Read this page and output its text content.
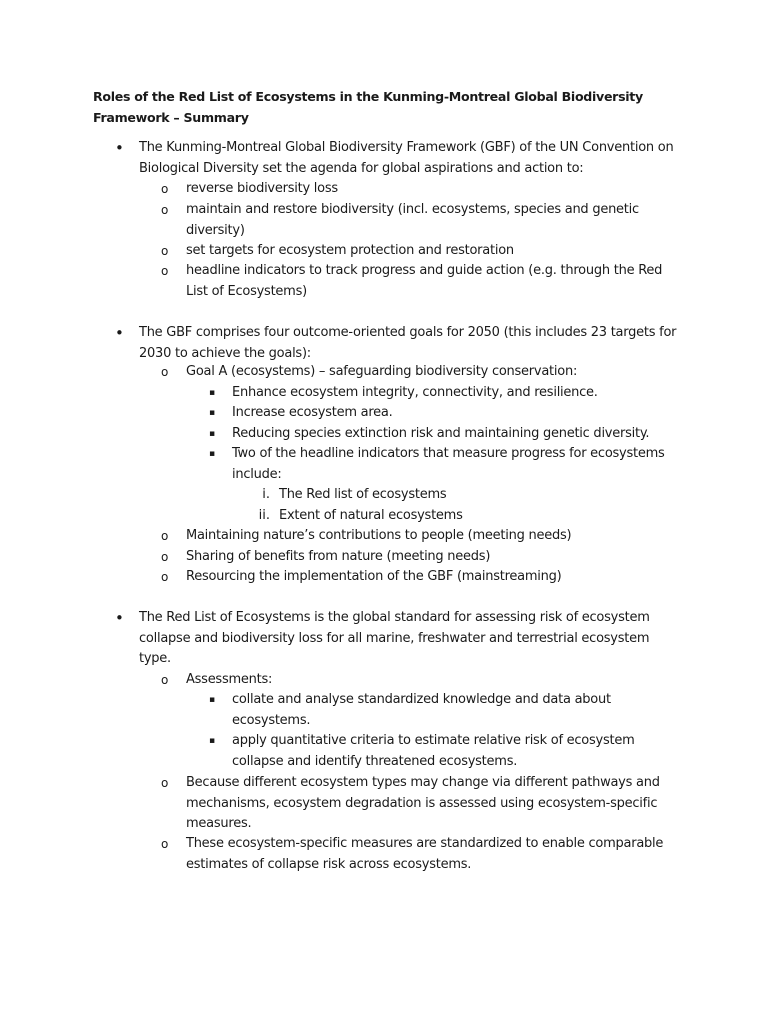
Roles of the Red List of Ecosystems in the Kunming-Montreal Global Biodiversity Framework – Summary
• The Kunming-Montreal Global Biodiversity Framework (GBF) of the UN Convention on Biological Diversity set the agenda for global aspirations and action to:
o reverse biodiversity loss
o maintain and restore biodiversity (incl. ecosystems, species and genetic diversity)
o set targets for ecosystem protection and restoration
o headline indicators to track progress and guide action (e.g. through the Red List of Ecosystems)
• The GBF comprises four outcome-oriented goals for 2050 (this includes 23 targets for 2030 to achieve the goals):
o Goal A (ecosystems) – safeguarding biodiversity conservation:
▪ Enhance ecosystem integrity, connectivity, and resilience.
▪ Increase ecosystem area.
▪ Reducing species extinction risk and maintaining genetic diversity.
▪ Two of the headline indicators that measure progress for ecosystems include:
i. The Red list of ecosystems
ii. Extent of natural ecosystems
o Maintaining nature’s contributions to people (meeting needs)
o Sharing of benefits from nature (meeting needs)
o Resourcing the implementation of the GBF (mainstreaming)
• The Red List of Ecosystems is the global standard for assessing risk of ecosystem collapse and biodiversity loss for all marine, freshwater and terrestrial ecosystem type.
o Assessments:
▪ collate and analyse standardized knowledge and data about ecosystems.
▪ apply quantitative criteria to estimate relative risk of ecosystem collapse and identify threatened ecosystems.
o Because different ecosystem types may change via different pathways and mechanisms, ecosystem degradation is assessed using ecosystem-specific measures.
o These ecosystem-specific measures are standardized to enable comparable estimates of collapse risk across ecosystems.
